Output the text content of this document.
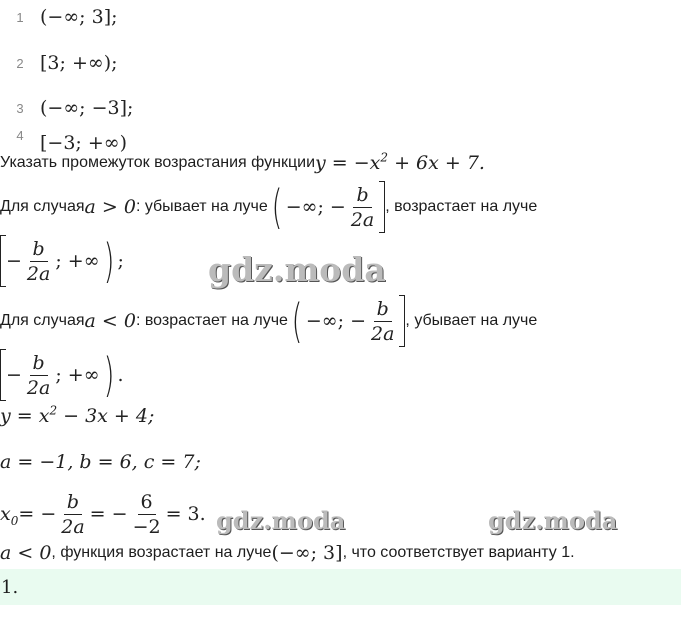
1 (−∞; 3];
2 [3; +∞);
3 (−∞; −3];
4 [−3; +∞)
Указать промежуток возрастания функции $y = -x^2 + 6x + 7$.
Для случая a > 0 : убывает на луче ( −∞; − $\frac{b}{2a}$ , возрастает на луче
− $\frac{b}{2a}$ ; +∞ ) ;
Для случая a < 0 : возрастает на луче ( −∞; − $\frac{b}{2a}$ , убывает на луче
− $\frac{b}{2a}$ ; +∞ ) .
$y = x^2 - 3x + 4$;
a = −1, b = 6, c = 7;
$x_0$ = − $\frac{b}{2a}$ = − $\frac{6}{-2} = 3$.
a < 0 , функция возрастает на луче (−∞; 3] , что соответствует варианту 1.
1.
gdz.moda
gdz.moda	gdz.moda
